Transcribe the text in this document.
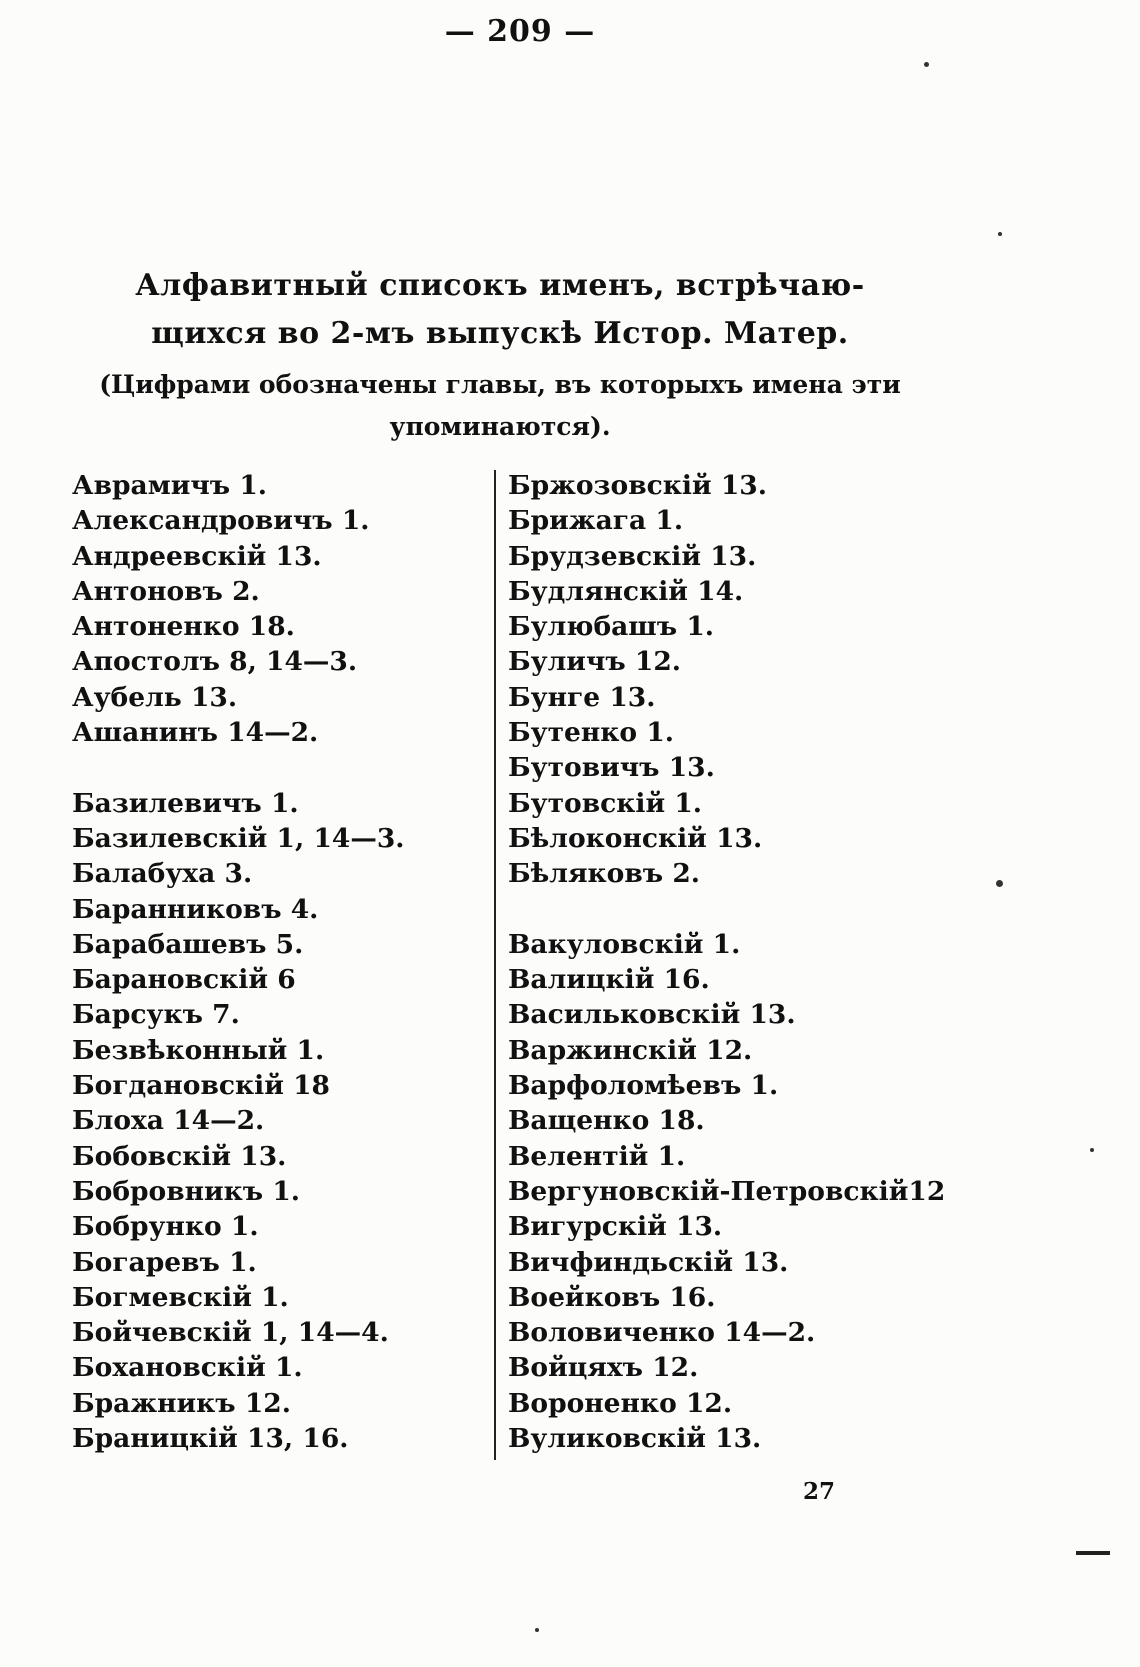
— 209 —
Алфавитный списокъ именъ, встрѣчаю-
щихся во 2-мъ выпускѣ Истор. Матер.
(Цифрами обозначены главы, въ которыхъ имена эти
упоминаются).
Аврамичъ 1.
Александровичъ 1.
Андреевскій 13.
Антоновъ 2.
Антоненко 18.
Апостолъ 8, 14—3.
Аубель 13.
Ашанинъ 14—2.
Базилевичъ 1.
Базилевскій 1, 14—3.
Балабуха 3.
Баранниковъ 4.
Барабашевъ 5.
Барановскій 6
Барсукъ 7.
Безвѣконный 1.
Богдановскій 18
Блоха 14—2.
Бобовскій 13.
Бобровникъ 1.
Бобрунко 1.
Богаревъ 1.
Богмевскій 1.
Бойчевскій 1, 14—4.
Бохановскій 1.
Бражникъ 12.
Браницкій 13, 16.
Бржозовскій 13.
Брижага 1.
Брудзевскій 13.
Будлянскій 14.
Булюбашъ 1.
Буличъ 12.
Бунге 13.
Бутенко 1.
Бутовичъ 13.
Бутовскій 1.
Бѣлоконскій 13.
Бѣляковъ 2.
Вакуловскій 1.
Валицкій 16.
Васильковскій 13.
Варжинскій 12.
Варфоломѣевъ 1.
Ващенко 18.
Велентій 1.
Вергуновскій-Петровскій12
Вигурскій 13.
Вичфиндьскій 13.
Воейковъ 16.
Воловиченко 14—2.
Войцяхъ 12.
Вороненко 12.
Вуликовскій 13.
27
